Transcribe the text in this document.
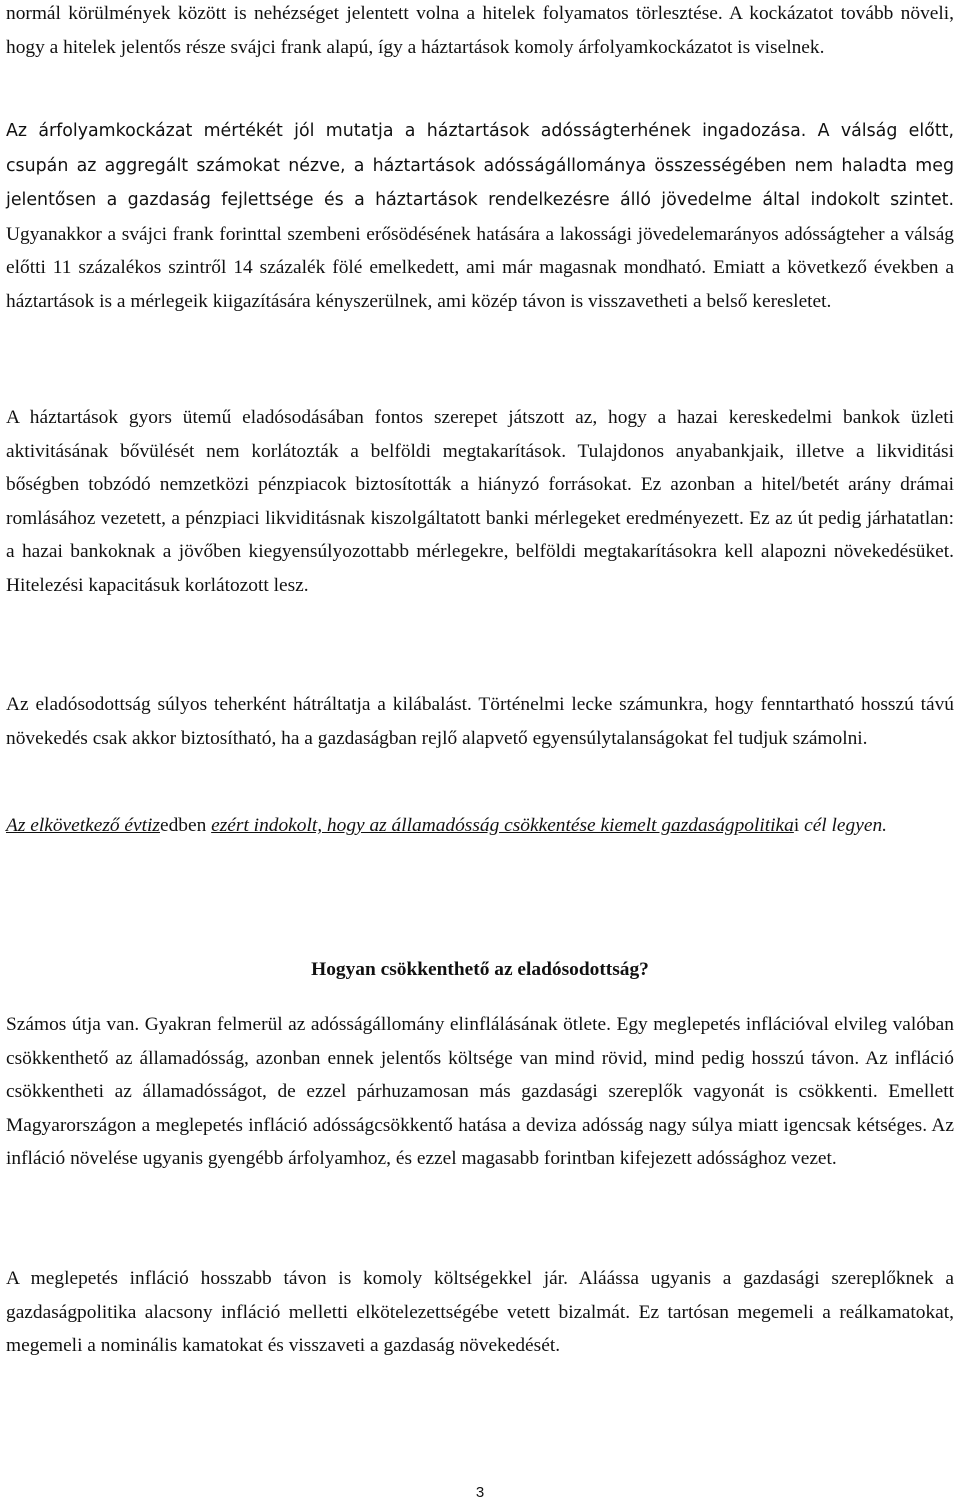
normál körülmények között is nehézséget jelentett volna a hitelek folyamatos törlesztése. A kockázatot tovább növeli, hogy a hitelek jelentős része svájci frank alapú, így a háztartások komoly árfolyamkockázatot is viselnek.

Az árfolyamkockázat mértékét jól mutatja a háztartások adósságterhének ingadozása. A válság előtt, csupán az aggregált számokat nézve, a háztartások adósságállománya összességében nem haladta meg jelentősen a gazdaság fejlettsége és a háztartások rendelkezésre álló jövedelme által indokolt szintet. Ugyanakkor a svájci frank forinttal szembeni erősödésének hatására a lakossági jövedelemarányos adósságteher a válság előtti 11 százalékos szintről 14 százalék fölé emelkedett, ami már magasnak mondható. Emiatt a következő években a háztartások is a mérlegeik kiigazítására kényszerülnek, ami közép távon is visszavetheti a belső keresletet.

A háztartások gyors ütemű eladósodásában fontos szerepet játszott az, hogy a hazai kereskedelmi bankok üzleti aktivitásának bővülését nem korlátozták a belföldi megtakarítások. Tulajdonos anyabankjaik, illetve a likviditási bőségben tobzódó nemzetközi pénzpiacok biztosították a hiányzó forrásokat. Ez azonban a hitel/betét arány drámai romlásához vezetett, a pénzpiaci likviditásnak kiszolgáltatott banki mérlegeket eredményezett. Ez az út pedig járhatatlan: a hazai bankoknak a jövőben kiegyensúlyozottabb mérlegekre, belföldi megtakarításokra kell alapozni növekedésüket. Hitelezési kapacitásuk korlátozott lesz.

Az eladósodottság súlyos teherként hátráltatja a kilábalást. Történelmi lecke számunkra, hogy fenntartható hosszú távú növekedés csak akkor biztosítható, ha a gazdaságban rejlő alapvető egyensúlytalanságokat fel tudjuk számolni.

Az elkövetkező évtizedben ezért indokolt, hogy az államadósság csökkentése kiemelt gazdaságpolitikai cél legyen.

Hogyan csökkenthető az eladósodottság?

Számos útja van. Gyakran felmerül az adósságállomány elinflálásának ötlete. Egy meglepetés inflációval elvileg valóban csökkenthető az államadósság, azonban ennek jelentős költsége van mind rövid, mind pedig hosszú távon. Az infláció csökkentheti az államadósságot, de ezzel párhuzamosan más gazdasági szereplők vagyonát is csökkenti. Emellett Magyarországon a meglepetés infláció adósságcsökkentő hatása a deviza adósság nagy súlya miatt igencsak kétséges. Az infláció növelése ugyanis gyengébb árfolyamhoz, és ezzel magasabb forintban kifejezett adóssághoz vezet.

A meglepetés infláció hosszabb távon is komoly költségekkel jár. Aláássa ugyanis a gazdasági szereplőknek a gazdaságpolitika alacsony infláció melletti elkötelezettségébe vetett bizalmát. Ez tartósan megemeli a reálkamatokat, megemeli a nominális kamatokat és visszaveti a gazdaság növekedését.

3
